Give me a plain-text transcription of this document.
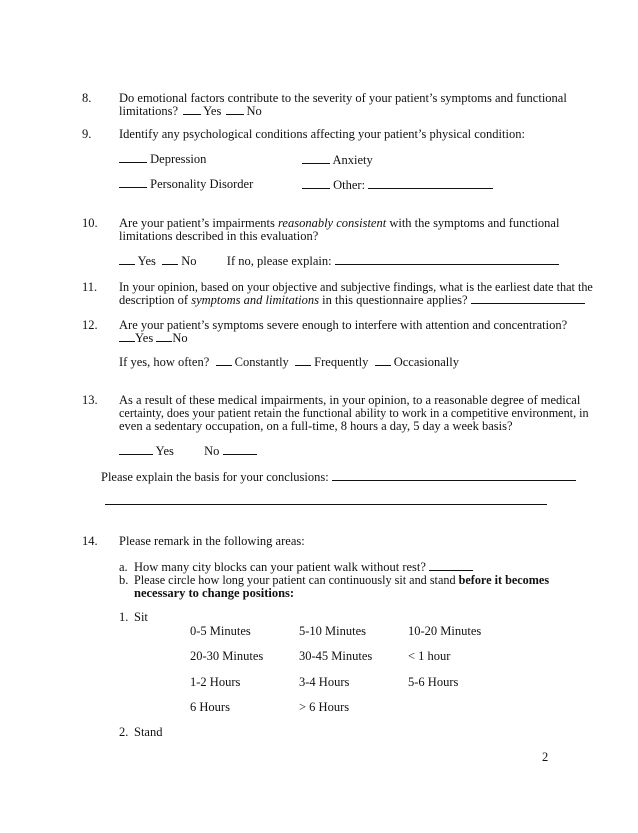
8. Do emotional factors contribute to the severity of your patient’s symptoms and functional
limitations? Yes No
9. Identify any psychological conditions affecting your patient’s physical condition:
Depression	Anxiety
Personality Disorder	Other:
10. Are your patient’s impairments reasonably consistent with the symptoms and functional
limitations described in this evaluation?
Yes No If no, please explain:
11. In your opinion, based on your objective and subjective findings, what is the earliest date that the
description of symptoms and limitations in this questionnaire applies?
12. Are your patient’s symptoms severe enough to interfere with attention and concentration?
Yes No
If yes, how often? Constantly Frequently Occasionally
13. As a result of these medical impairments, in your opinion, to a reasonable degree of medical
certainty, does your patient retain the functional ability to work in a competitive environment, in
even a sedentary occupation, on a full-time, 8 hours a day, 5 day a week basis?
Yes No
Please explain the basis for your conclusions:
14. Please remark in the following areas:
a. How many city blocks can your patient walk without rest?
b. Please circle how long your patient can continuously sit and stand before it becomes
necessary to change positions:
1. Sit
0-5 Minutes	5-10 Minutes	10-20 Minutes
20-30 Minutes	30-45 Minutes	< 1 hour
1-2 Hours	3-4 Hours	5-6 Hours
6 Hours	> 6 Hours
2. Stand
2
